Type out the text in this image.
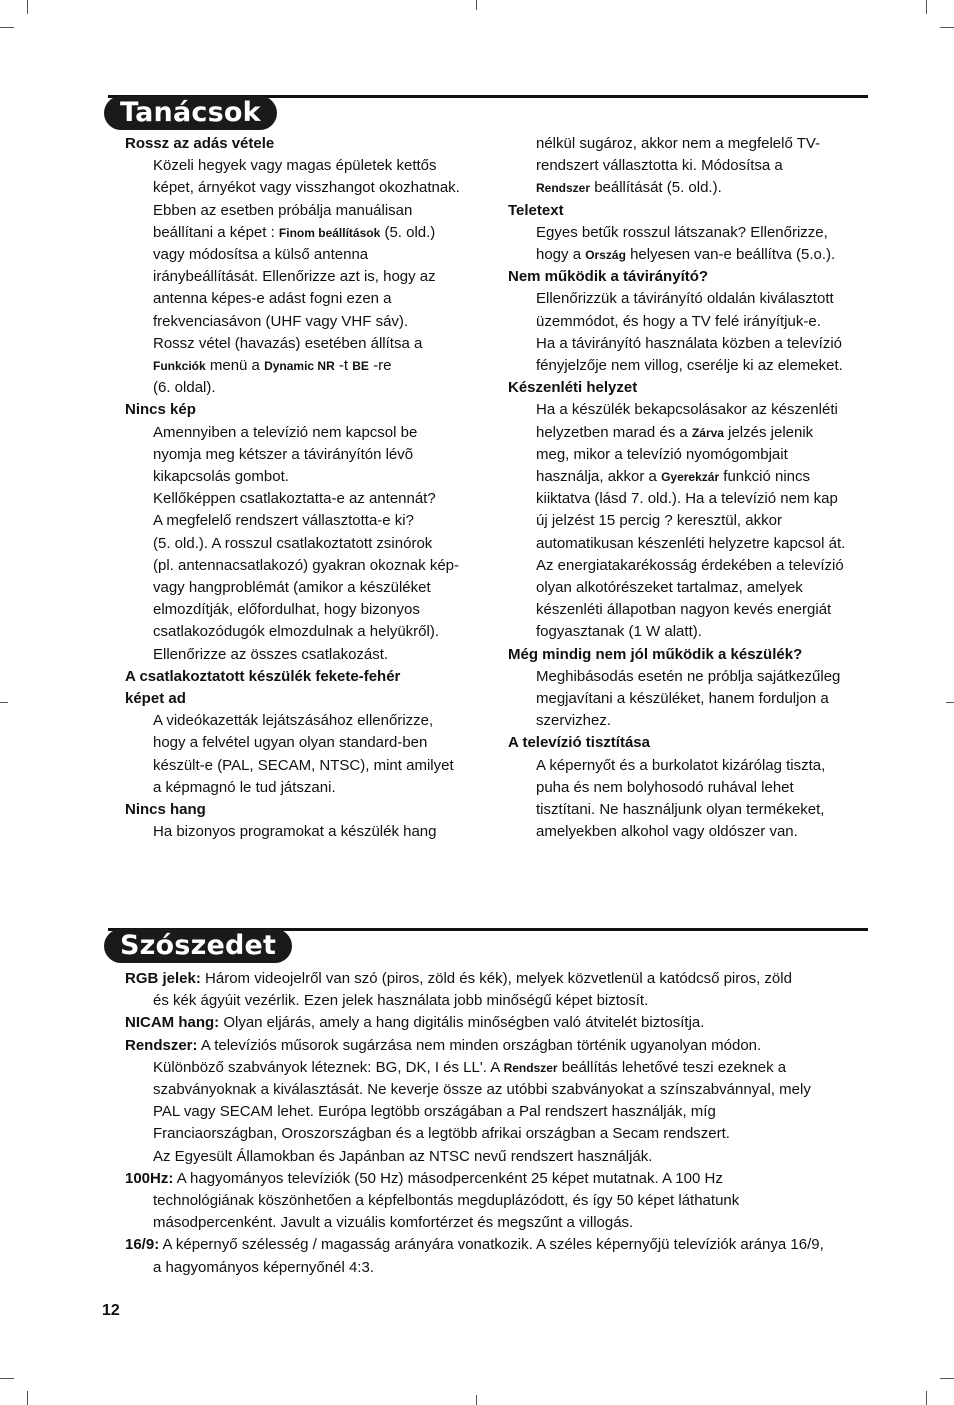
Tanácsok
Rossz az adás vétele
Közeli hegyek vagy magas épületek kettős
képet, árnyékot vagy visszhangot okozhatnak.
Ebben az esetben próbálja manuálisan
beállítani a képet : Finom beállítások (5. old.)
vagy módosítsa a külső antenna
iránybeállítását. Ellenőrizze azt is, hogy az
antenna képes-e adást fogni ezen a
frekvenciasávon (UHF vagy VHF sáv).
Rossz vétel (havazás) esetében állítsa a
Funkciók menü a Dynamic NR -t BE -re
(6. oldal).
Nincs kép
Amennyiben a televízió nem kapcsol be
nyomja meg kétszer a távirányítón lévõ
kikapcsolás gombot.
Kellőképpen csatlakoztatta-e az antennát?
A megfelelő rendszert vállasztotta-e ki?
(5. old.). A rosszul csatlakoztatott zsinórok
(pl. antennacsatlakozó) gyakran okoznak kép-
vagy hangproblémát (amikor a készüléket
elmozdítják, előfordulhat, hogy bizonyos
csatlakozódugók elmozdulnak a helyükről).
Ellenőrizze az összes csatlakozást.
A csatlakoztatott készülék fekete-fehér
képet ad
A videókazetták lejátszásához ellenőrizze,
hogy a felvétel ugyan olyan standard-ben
készült-e (PAL, SECAM, NTSC), mint amilyet
a képmagnó le tud játszani.
Nincs hang
Ha bizonyos programokat a készülék hang
nélkül sugároz, akkor nem a megfelelő TV-
rendszert vállasztotta ki. Módosítsa a
Rendszer beállítását (5. old.).
Teletext
Egyes betűk rosszul látszanak? Ellenőrizze,
hogy a Ország helyesen van-e beállítva (5.o.).
Nem működik a távirányító?
Ellenőrizzük a távirányító oldalán kiválasztott
üzemmódot, és hogy a TV felé irányítjuk-e.
Ha a távirányító használata közben a televízió
fényjelzője nem villog, cserélje ki az elemeket.
Készenléti helyzet
Ha a készülék bekapcsolásakor az készenléti
helyzetben marad és a Zárva jelzés jelenik
meg, mikor a televízió nyomógombjait
használja, akkor a Gyerekzár funkció nincs
kiiktatva (lásd 7. old.). Ha a televízió nem kap
új jelzést 15 percig ? keresztül, akkor
automatikusan készenléti helyzetre kapcsol át.
Az energiatakarékosság érdekében a televízió
olyan alkotórészeket tartalmaz, amelyek
készenléti állapotban nagyon kevés energiát
fogyasztanak (1 W alatt).
Még mindig nem jól működik a készülék?
Meghibásodás esetén ne próblja sajátkezűleg
megjavítani a készüléket, hanem forduljon a
szervizhez.
A televízió tisztítása
A képernyőt és a burkolatot kizárólag tiszta,
puha és nem bolyhosodó ruhával lehet
tisztítani. Ne használjunk olyan termékeket,
amelyekben alkohol vagy oldószer van.
Szószedet
RGB jelek: Három videojelről van szó (piros, zöld és kék), melyek közvetlenül a katódcső piros, zöld
és kék ágyúit vezérlik. Ezen jelek használata jobb minőségű képet biztosít.
NICAM hang: Olyan eljárás, amely a hang digitális minőségben való átvitelét biztosítja.
Rendszer: A televíziós műsorok sugárzása nem minden országban történik ugyanolyan módon.
Különböző szabványok léteznek: BG, DK, I és LL'. A Rendszer beállítás lehetővé teszi ezeknek a
szabványoknak a kiválasztását. Ne keverje össze az utóbbi szabványokat a színszabvánnyal, mely
PAL vagy SECAM lehet. Európa legtöbb országában a Pal rendszert használják, míg
Franciaországban, Oroszországban és a legtöbb afrikai országban a Secam rendszert.
Az Egyesült Államokban és Japánban az NTSC nevű rendszert használják.
100Hz: A hagyományos televíziók (50 Hz) másodpercenként 25 képet mutatnak. A 100 Hz
technológiának köszönhetően a képfelbontás megduplázódott, és így 50 képet láthatunk
másodpercenként. Javult a vizuális komfortérzet és megszűnt a villogás.
16/9: A képernyő szélesség / magasság arányára vonatkozik. A széles képernyőjü televíziók aránya 16/9,
a hagyományos képernyőnél 4:3.
12
